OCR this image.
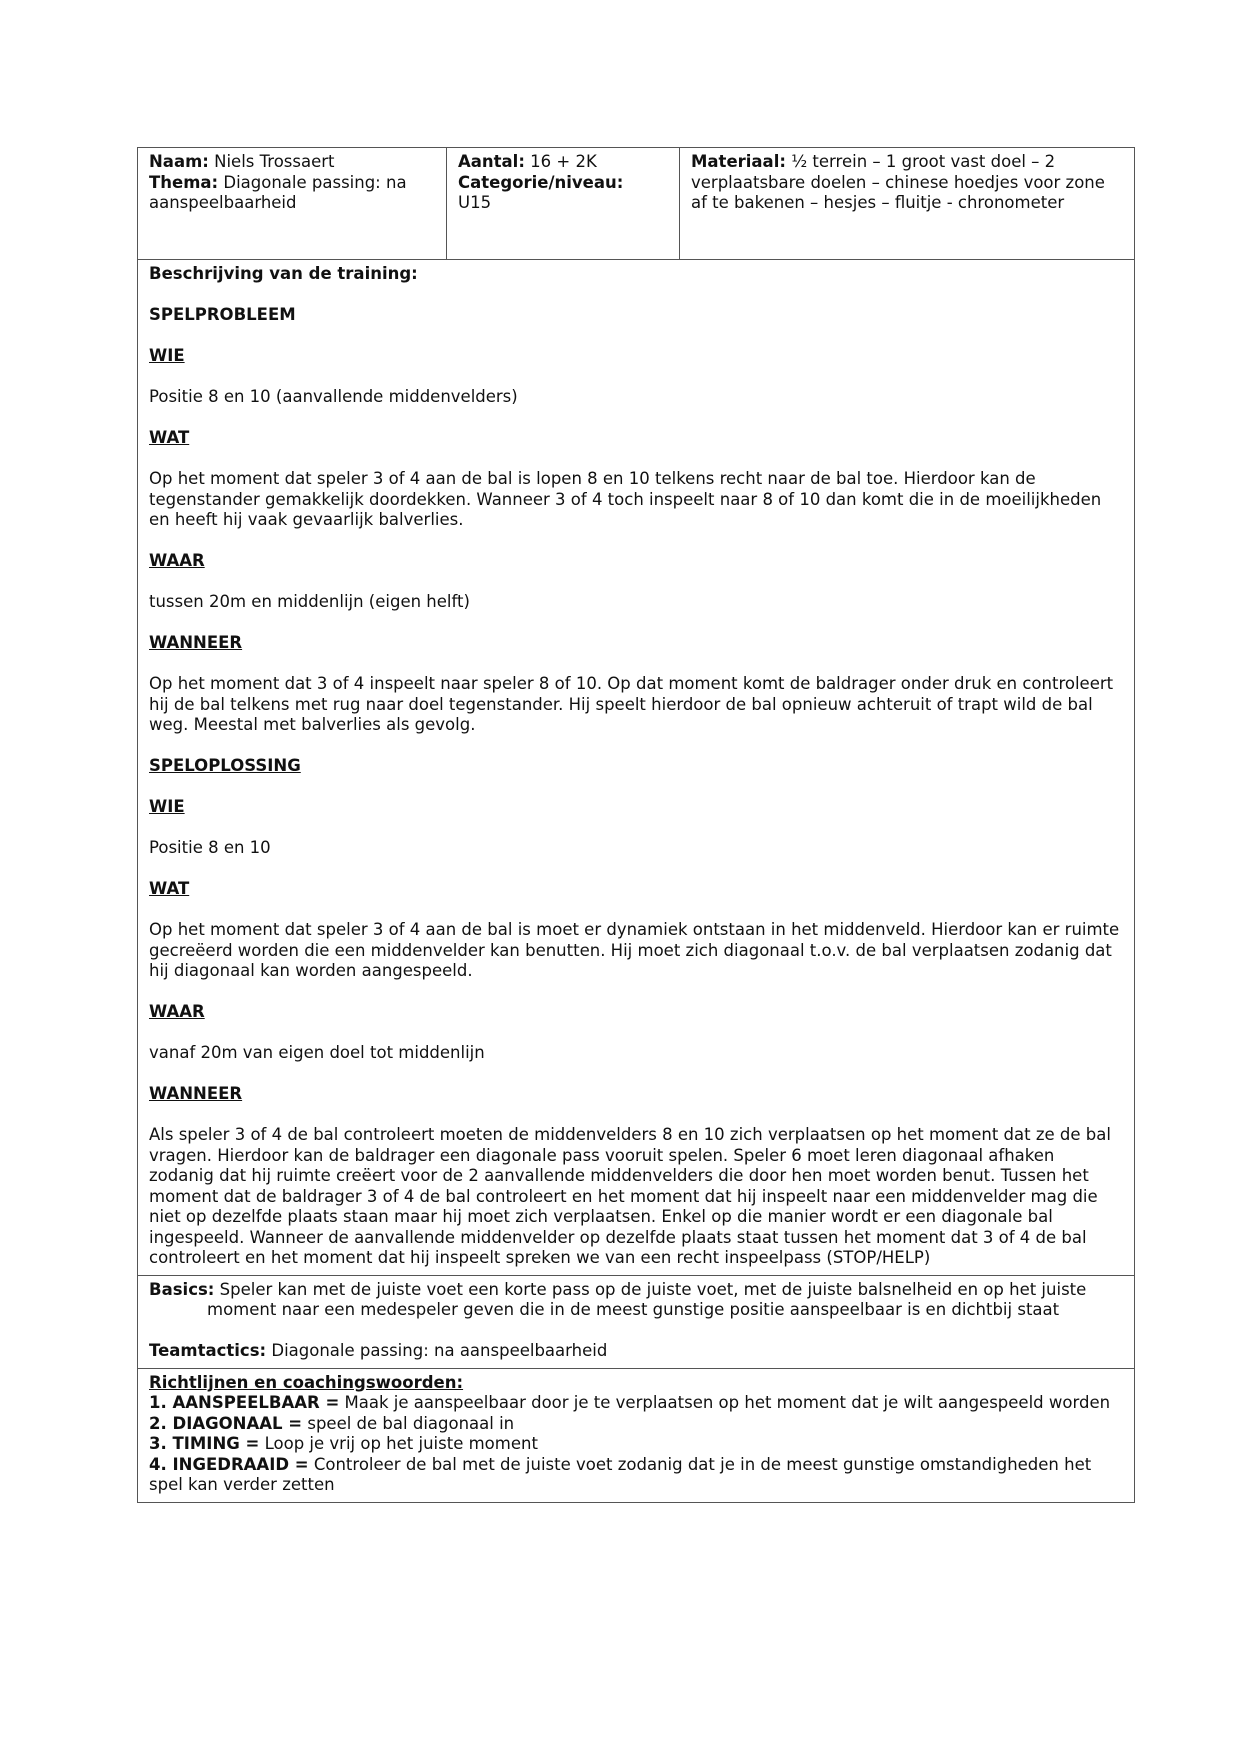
Naam: Niels Trossaert

Thema: Diagonale passing: na aanspeelbaarheid

Aantal: 16 + 2K

Categorie/niveau:

U15

Materiaal: ½ terrein – 1 groot vast doel – 2 verplaatsbare doelen – chinese hoedjes voor zone af te bakenen – hesjes – fluitje - chronometer

Beschrijving van de training:

SPELPROBLEEM

WIE

Positie 8 en 10 (aanvallende middenvelders)

WAT

Op het moment dat speler 3 of 4 aan de bal is lopen 8 en 10 telkens recht naar de bal toe. Hierdoor kan de tegenstander gemakkelijk doordekken. Wanneer 3 of 4 toch inspeelt naar 8 of 10 dan komt die in de moeilijkheden en heeft hij vaak gevaarlijk balverlies.

WAAR

tussen 20m en middenlijn (eigen helft)

WANNEER

Op het moment dat 3 of 4 inspeelt naar speler 8 of 10. Op dat moment komt de baldrager onder druk en controleert hij de bal telkens met rug naar doel tegenstander. Hij speelt hierdoor de bal opnieuw achteruit of trapt wild de bal weg. Meestal met balverlies als gevolg.

SPELOPLOSSING

WIE

Positie 8 en 10

WAT

Op het moment dat speler 3 of 4 aan de bal is moet er dynamiek ontstaan in het middenveld. Hierdoor kan er ruimte gecreëerd worden die een middenvelder kan benutten. Hij moet zich diagonaal t.o.v. de bal verplaatsen zodanig dat hij diagonaal kan worden aangespeeld.

WAAR

vanaf 20m van eigen doel tot middenlijn

WANNEER

Als speler 3 of 4 de bal controleert moeten de middenvelders 8 en 10 zich verplaatsen op het moment dat ze de bal vragen. Hierdoor kan de baldrager een diagonale pass vooruit spelen. Speler 6 moet leren diagonaal afhaken zodanig dat hij ruimte creëert voor de 2 aanvallende middenvelders die door hen moet worden benut. Tussen het moment dat de baldrager 3 of 4 de bal controleert en het moment dat hij inspeelt naar een middenvelder mag die niet op dezelfde plaats staan maar hij moet zich verplaatsen. Enkel op die manier wordt er een diagonale bal ingespeeld. Wanneer de aanvallende middenvelder op dezelfde plaats staat tussen het moment dat 3 of 4 de bal controleert en het moment dat hij inspeelt spreken we van een recht inspeelpass (STOP/HELP)

Basics: Speler kan met de juiste voet een korte pass op de juiste voet, met de juiste balsnelheid en op het juiste moment naar een medespeler geven die in de meest gunstige positie aanspeelbaar is en dichtbij staat

Teamtactics: Diagonale passing: na aanspeelbaarheid

Richtlijnen en coachingswoorden:

1. AANSPEELBAAR = Maak je aanspeelbaar door je te verplaatsen op het moment dat je wilt aangespeeld worden

2. DIAGONAAL = speel de bal diagonaal in

3. TIMING = Loop je vrij op het juiste moment

4. INGEDRAAID = Controleer de bal met de juiste voet zodanig dat je in de meest gunstige omstandigheden het spel kan verder zetten
